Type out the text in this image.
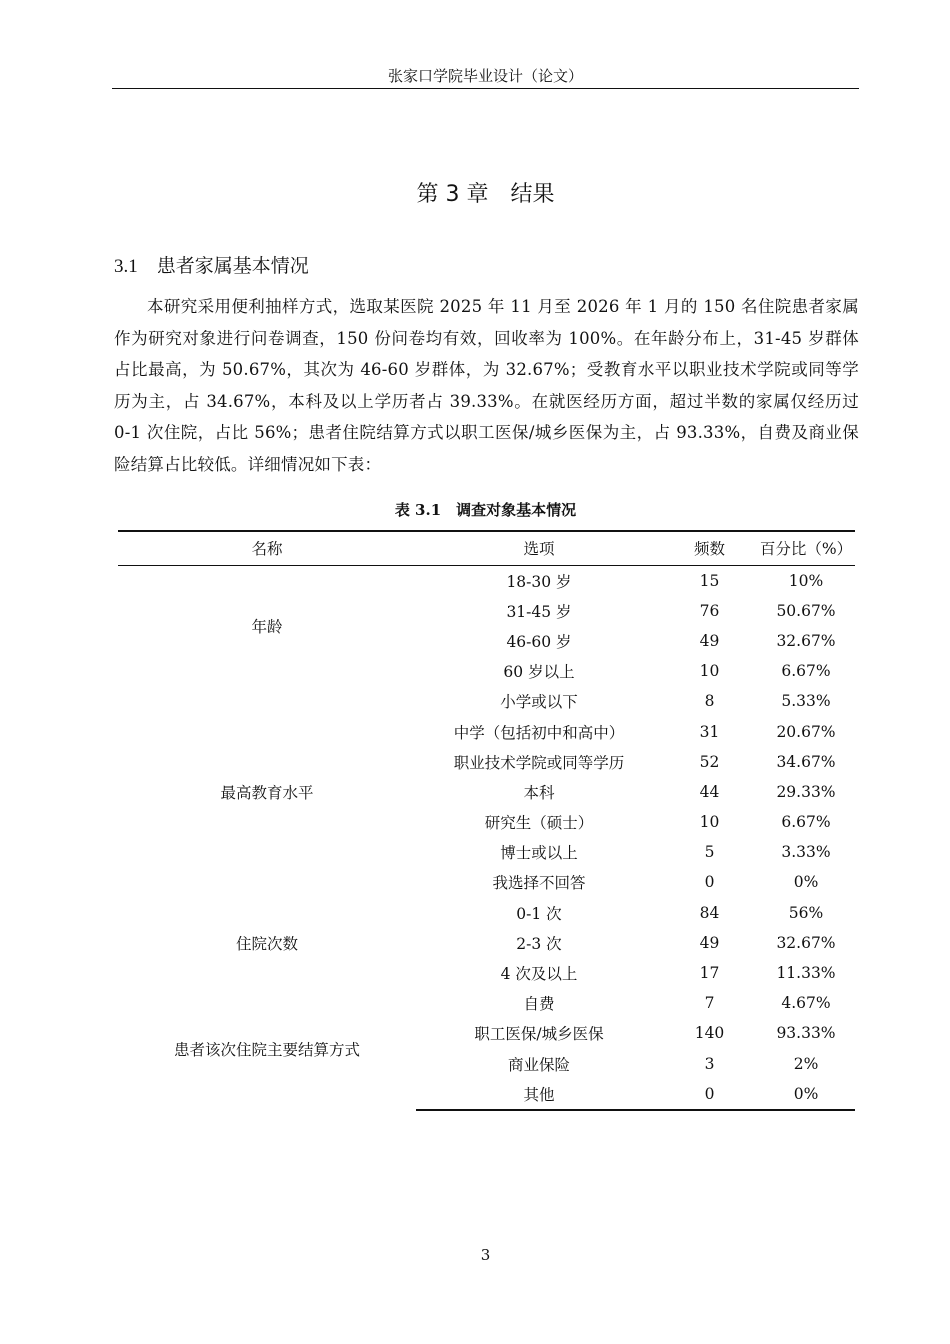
张家口学院毕业设计（论文）
第 3 章　结果
3.1　 患者家属基本情况

本研究采用便利抽样方式，选取某医院 2025 年 11 月至 2026 年 1 月的 150 名住院患者家属作为研究对象进行问卷调查，150 份问卷均有效，回收率为 100%。在年龄分布上，31-45 岁群体占比最高，为 50.67%，其次为 46-60 岁群体，为 32.67%；受教育水平以职业技术学院或同等学历为主，占 34.67%，本科及以上学历者占 39.33%。在就医经历方面，超过半数的家属仅经历过 0-1 次住院，占比 56%；患者住院结算方式以职工医保/城乡医保为主，占 93.33%，自费及商业保险结算占比较低。详细情况如下表：

表 3.1　调查对象基本情况
名称	选项	频数	百分比（%）
年龄	18-30 岁	15	10%
	31-45 岁	76	50.67%
	46-60 岁	49	32.67%
	60 岁以上	10	6.67%
最高教育水平	小学或以下	8	5.33%
	中学（包括初中和高中）	31	20.67%
	职业技术学院或同等学历	52	34.67%
	本科	44	29.33%
	研究生（硕士）	10	6.67%
	博士或以上	5	3.33%
	我选择不回答	0	0%
住院次数	0-1 次	84	56%
	2-3 次	49	32.67%
	4 次及以上	17	11.33%
患者该次住院主要结算方式	自费	7	4.67%
	职工医保/城乡医保	140	93.33%
	商业保险	3	2%
	其他	0	0%
3
